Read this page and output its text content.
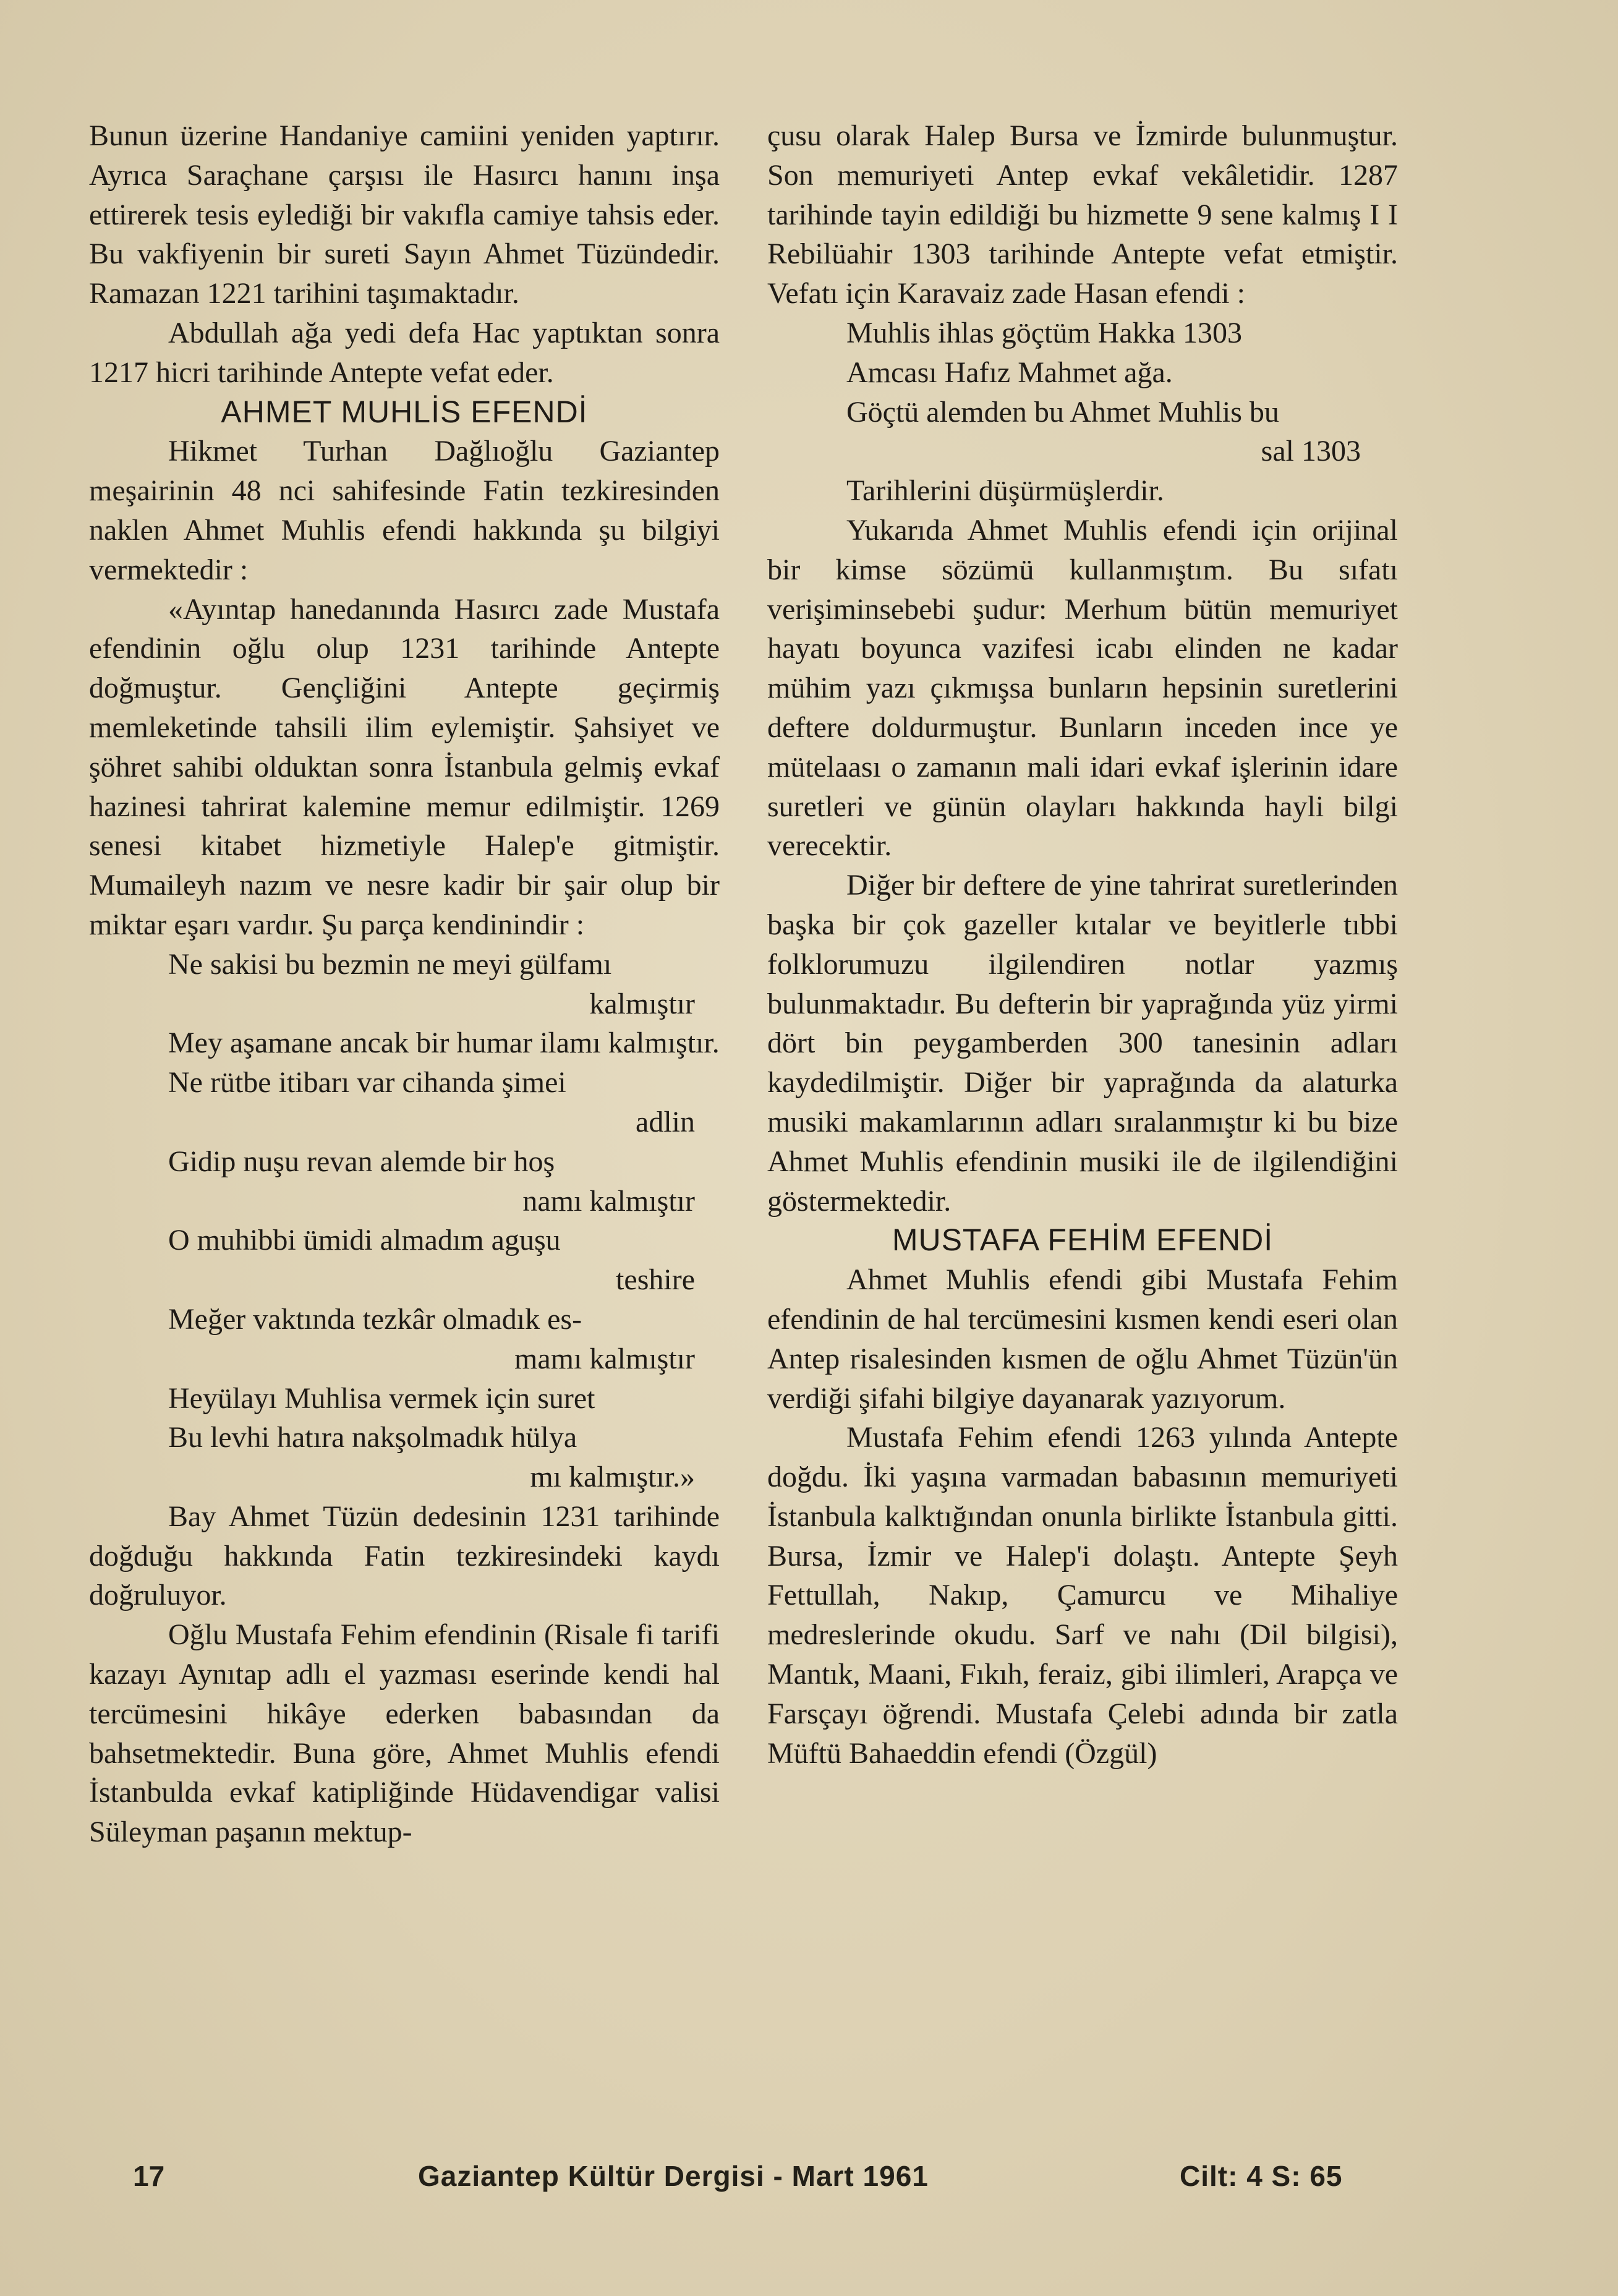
Bunun üzerine Handaniye camiini yeniden yaptırır. Ayrıca Saraçhane çarşısı ile Hasırcı hanını inşa ettirerek tesis eylediği bir vakıfla camiye tahsis eder. Bu vakfiyenin bir sureti Sayın Ahmet Tüzündedir. Ramazan 1221 tarihini taşımaktadır.

Abdullah ağa yedi defa Hac yaptıktan sonra 1217 hicri tarihinde Antepte vefat eder.

AHMET MUHLİS EFENDİ

Hikmet Turhan Dağlıoğlu Gaziantep meşairinin 48 nci sahifesinde Fatin tezkiresinden naklen Ahmet Muhlis efendi hakkında şu bilgiyi vermektedir :

«Ayıntap hanedanında Hasırcı zade Mustafa efendinin oğlu olup 1231 tarihinde Antepte doğmuştur. Gençliğini Antepte geçirmiş memleketinde tahsili ilim eylemiştir. Şahsiyet ve şöhret sahibi olduktan sonra İstanbula gelmiş evkaf hazinesi tahrirat kalemine memur edilmiştir. 1269 senesi kitabet hizmetiyle Halep'e gitmiştir. Mumaileyh nazım ve nesre kadir bir şair olup bir miktar eşarı vardır. Şu parça kendinindir :

Ne sakisi bu bezmin ne meyi gülfamı

kalmıştır

Mey aşamane ancak bir humar ilamı kalmıştır.

Ne rütbe itibarı var cihanda şimei

adlin

Gidip nuşu revan alemde bir hoş

namı kalmıştır

O muhibbi ümidi almadım aguşu

teshire

Meğer vaktında tezkâr olmadık es-

mamı kalmıştır

Heyülayı Muhlisa vermek için suret

Bu levhi hatıra nakşolmadık hülya

mı kalmıştır.»

Bay Ahmet Tüzün dedesinin 1231 tarihinde doğduğu hakkında Fatin tezkiresindeki kaydı doğruluyor.

Oğlu Mustafa Fehim efendinin (Risale fi tarifi kazayı Aynıtap adlı el yazması eserinde kendi hal tercümesini hikâye ederken babasından da bahsetmektedir. Buna göre, Ahmet Muhlis efendi İstanbulda evkaf katipliğinde Hüdavendigar valisi Süleyman paşanın mektup-

çusu olarak Halep Bursa ve İzmirde bulunmuştur. Son memuriyeti Antep evkaf vekâletidir. 1287 tarihinde tayin edildiği bu hizmette 9 sene kalmış I I Rebilüahir 1303 tarihinde Antepte vefat etmiştir. Vefatı için Karavaiz zade Hasan efendi :

Muhlis ihlas göçtüm Hakka 1303

Amcası Hafız Mahmet ağa.

Göçtü alemden bu Ahmet Muhlis bu

sal 1303

Tarihlerini düşürmüşlerdir.

Yukarıda Ahmet Muhlis efendi için orijinal bir kimse sözümü kullanmıştım. Bu sıfatı verişiminsebebi şudur: Merhum bütün memuriyet hayatı boyunca vazifesi icabı elinden ne kadar mühim yazı çıkmışsa bunların hepsinin suretlerini deftere doldurmuştur. Bunların inceden ince ye mütelaası o zamanın mali idari evkaf işlerinin idare suretleri ve günün olayları hakkında hayli bilgi verecektir.

Diğer bir deftere de yine tahrirat suretlerinden başka bir çok gazeller kıtalar ve beyitlerle tıbbi folklorumuzu ilgilendiren notlar yazmış bulunmaktadır. Bu defterin bir yaprağında yüz yirmi dört bin peygamberden 300 tanesinin adları kaydedilmiştir. Diğer bir yaprağında da alaturka musiki makamlarının adları sıralanmıştır ki bu bize Ahmet Muhlis efendinin musiki ile de ilgilendiğini göstermektedir.

MUSTAFA FEHİM EFENDİ

Ahmet Muhlis efendi gibi Mustafa Fehim efendinin de hal tercümesini kısmen kendi eseri olan Antep risalesinden kısmen de oğlu Ahmet Tüzün'ün verdiği şifahi bilgiye dayanarak yazıyorum.

Mustafa Fehim efendi 1263 yılında Antepte doğdu. İki yaşına varmadan babasının memuriyeti İstanbula kalktığından onunla birlikte İstanbula gitti. Bursa, İzmir ve Halep'i dolaştı. Antepte Şeyh Fettullah, Nakıp, Çamurcu ve Mihaliye medreslerinde okudu. Sarf ve nahı (Dil bilgisi), Mantık, Maani, Fıkıh, feraiz, gibi ilimleri, Arapça ve Farsçayı öğrendi. Mustafa Çelebi adında bir zatla Müftü Bahaeddin efendi (Özgül)

17	Gaziantep Kültür Dergisi - Mart 1961	Cilt: 4 S: 65
